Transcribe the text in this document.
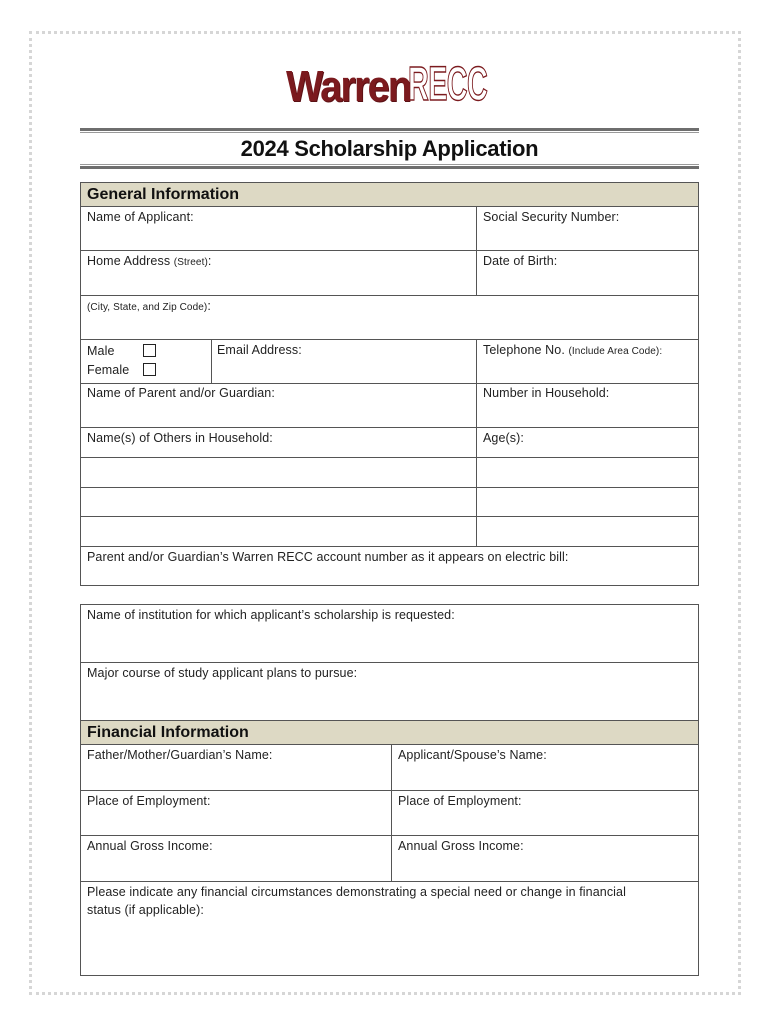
Warren
RECC
2024 Scholarship Application
General Information
Name of Applicant:	Social Security Number:
Home Address (Street):	Date of Birth:
(City, State, and Zip Code):
Male
Female
Email Address:	Telephone No. (Include Area Code):
Name of Parent and/or Guardian:	Number in Household:
Name(s) of Others in Household:	Age(s):
Parent and/or Guardian’s Warren RECC account number as it appears on electric bill:
Name of institution for which applicant’s scholarship is requested:
Major course of study applicant plans to pursue:
Financial Information
Father/Mother/Guardian’s Name:	Applicant/Spouse’s Name:
Place of Employment:	Place of Employment:
Annual Gross Income:	Annual Gross Income:
Please indicate any financial circumstances demonstrating a special need or change in financial
status (if applicable):
